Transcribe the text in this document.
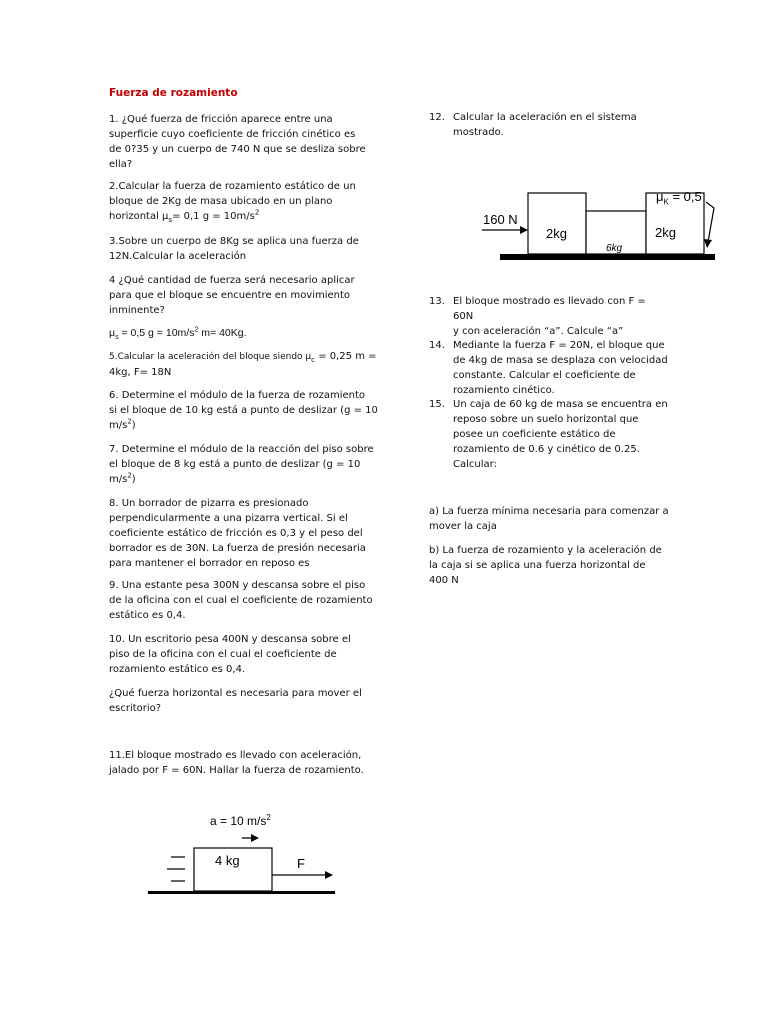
Fuerza de rozamiento
1. ¿Qué fuerza de fricción aparece entre una
superficie cuyo coeficiente de fricción cinético es
de 0?35 y un cuerpo de 740 N que se desliza sobre
ella?
2.Calcular la fuerza de rozamiento estático de un
bloque de 2Kg de masa ubicado en un plano
horizontal $\mu_s= 0,1$ $g = 10m/s^2$
3.Sobre un cuerpo de 8Kg se aplica una fuerza de
12N.Calcular la aceleración
4 ¿Qué cantidad de fuerza será necesario aplicar
para que el bloque se encuentre en movimiento
inminente?
$\mu_s = 0,5$ $g = 10m/s^2$ m= 40Kg.
5.Calcular la aceleración del bloque siendo $\mu_c = 0,25$ m =
4kg, F= 18N
6. Determine el módulo de la fuerza de rozamiento
si el bloque de 10 kg está a punto de deslizar (g = 10
$m/s^2$)
7. Determine el módulo de la reacción del piso sobre
el bloque de 8 kg está a punto de deslizar (g = 10
$m/s^2$)
8. Un borrador de pizarra es presionado
perpendicularmente a una pizarra vertical. Si el
coeficiente estático de fricción es 0,3 y el peso del
borrador es de 30N. La fuerza de presión necesaria
para mantener el borrador en reposo es
9. Una estante pesa 300N y descansa sobre el piso
de la oficina con el cual el coeficiente de rozamiento
estático es 0,4.
10. Un escritorio pesa 400N y descansa sobre el
piso de la oficina con el cual el coeficiente de
rozamiento estático es 0,4.
¿Qué fuerza horizontal es necesaria para mover el
escritorio?
11.El bloque mostrado es llevado con aceleración,
jalado por F = 60N. Hallar la fuerza de rozamiento.
12. Calcular la aceleración en el sistema
mostrado.
13. El bloque mostrado es llevado con F = 60N
y con aceleración “a”. Calcule “a”
14. Mediante la fuerza F = 20N, el bloque que
de 4kg de masa se desplaza con velocidad
constante. Calcular el coeficiente de
rozamiento cinético.
15. Un caja de 60 kg de masa se encuentra en
reposo sobre un suelo horizontal que
posee un coeficiente estático de
rozamiento de 0.6 y cinético de 0.25.
Calcular:
a) La fuerza mínima necesaria para comenzar a
mover la caja
b) La fuerza de rozamiento y la aceleración de
la caja si se aplica una fuerza horizontal de
400 N
160 N
2kg
6kg
2kg
$\mu_K = 0,5$
a = 10 $m/s^2$
4 kg	F
